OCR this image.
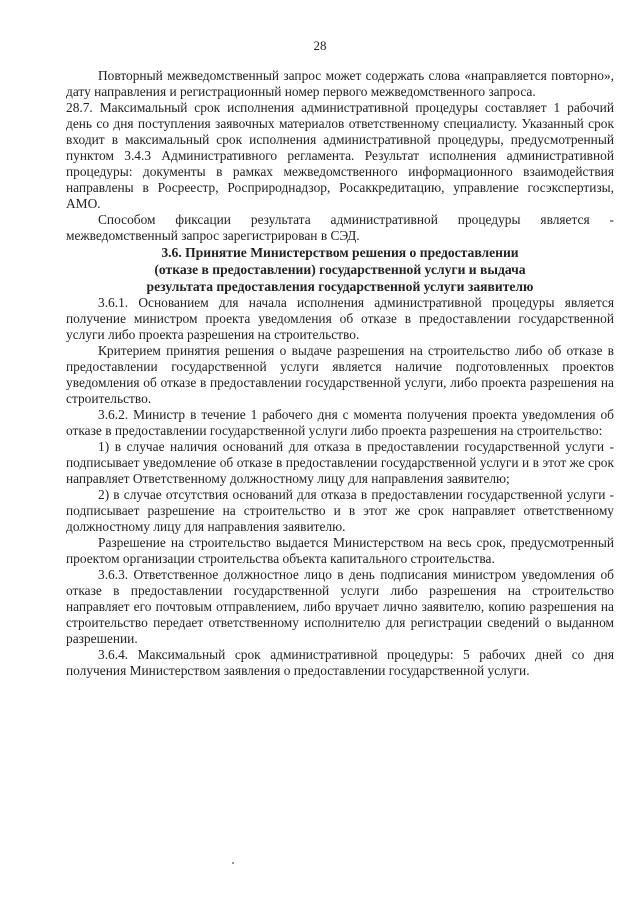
28

Повторный межведомственный запрос может содержать слова «направляется повторно», дату направления и регистрационный номер первого межведомственного запроса.

28.7. Максимальный срок исполнения административной процедуры составляет 1 рабочий день со дня поступления заявочных материалов ответственному специалисту. Указанный срок входит в максимальный срок исполнения административной процедуры, предусмотренный пунктом 3.4.3 Административного регламента. Результат исполнения административной процедуры: документы в рамках межведомственного информационного взаимодействия направлены в Росреестр, Росприроднадзор, Росаккредитацию, управление госэкспертизы, АМО.

Способом фиксации результата административной процедуры является - межведомственный запрос зарегистрирован в СЭД.

3.6. Принятие Министерством решения о предоставлении
(отказе в предоставлении) государственной услуги и выдача
результата предоставления государственной услуги заявителю

3.6.1. Основанием для начала исполнения административной процедуры является получение министром проекта уведомления об отказе в предоставлении государственной услуги либо проекта разрешения на строительство.

Критерием принятия решения о выдаче разрешения на строительство либо об отказе в предоставлении государственной услуги является наличие подготовленных проектов уведомления об отказе в предоставлении государственной услуги, либо проекта разрешения на строительство.

3.6.2. Министр в течение 1 рабочего дня с момента получения проекта уведомления об отказе в предоставлении государственной услуги либо проекта разрешения на строительство:

1) в случае наличия оснований для отказа в предоставлении государственной услуги - подписывает уведомление об отказе в предоставлении государственной услуги и в этот же срок направляет Ответственному должностному лицу для направления заявителю;

2) в случае отсутствия оснований для отказа в предоставлении государственной услуги - подписывает разрешение на строительство и в этот же срок направляет ответственному должностному лицу для направления заявителю.

Разрешение на строительство выдается Министерством на весь срок, предусмотренный проектом организации строительства объекта капитального строительства.

3.6.3. Ответственное должностное лицо в день подписания министром уведомления об отказе в предоставлении государственной услуги либо разрешения на строительство направляет его почтовым отправлением, либо вручает лично заявителю, копию разрешения на строительство передает ответственному исполнителю для регистрации сведений о выданном разрешении.

3.6.4. Максимальный срок административной процедуры: 5 рабочих дней со дня получения Министерством заявления о предоставлении государственной услуги.
